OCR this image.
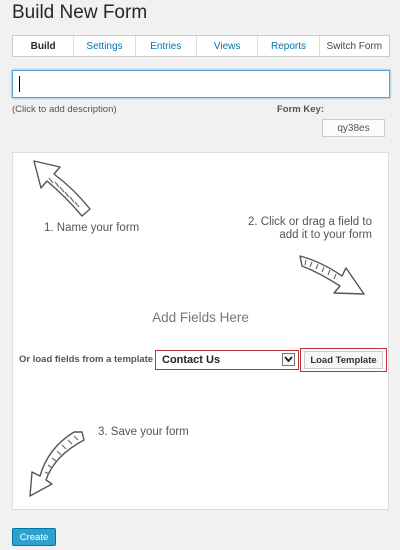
Build New Form
Build	Settings	Entries	Views	Reports	Switch Form
(Click to add description)	Form Key:
qy38es
1. Name your form	2. Click or drag a field to
add it to your form
3. Save your form
Add Fields Here
Or load fields from a template Contact Us	Load Template
Create
